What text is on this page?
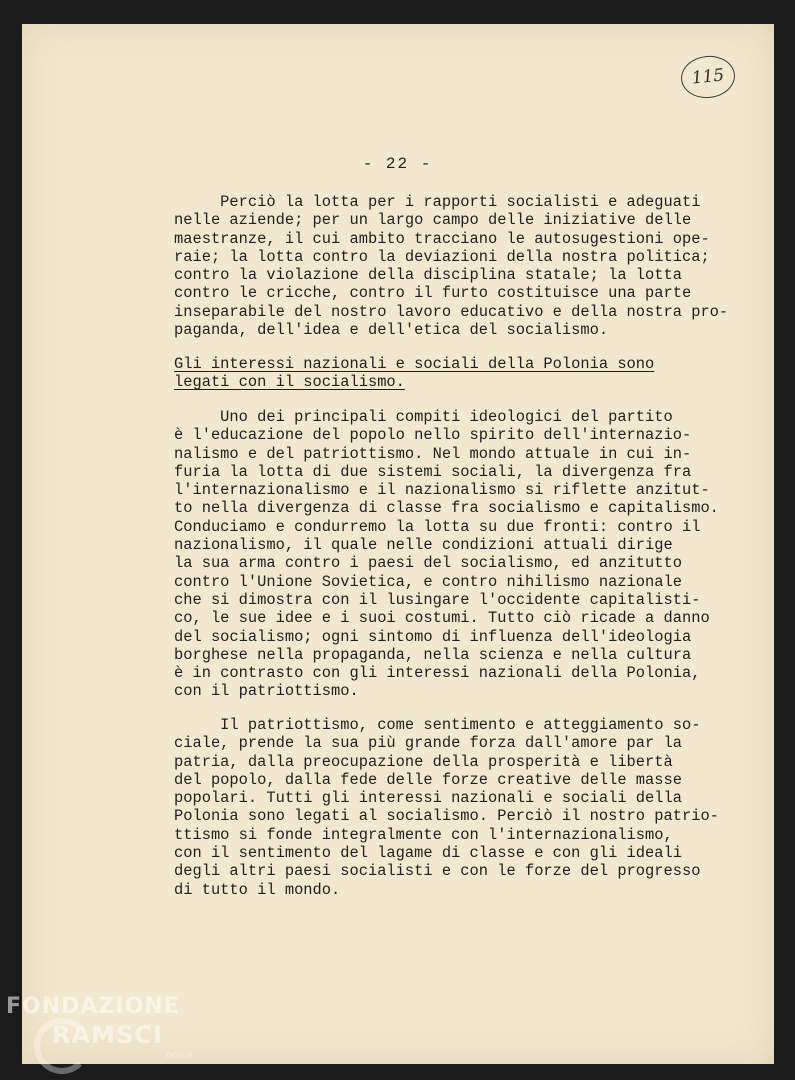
115
- 22 -

Perciò la lotta per i rapporti socialisti e adeguati
nelle aziende; per un largo campo delle iniziative delle
maestranze, il cui ambito tracciano le autosugestioni ope-
raie; la lotta contro la deviazioni della nostra politica;
contro la violazione della disciplina statale; la lotta
contro le cricche, contro il furto costituisce una parte
inseparabile del nostro lavoro educativo e della nostra pro-
paganda, dell'idea e dell'etica del socialismo.

Gli interessi nazionali e sociali della Polonia sono
legati con il socialismo.

Uno dei principali compiti ideologici del partito
è l'educazione del popolo nello spirito dell'internazio-
nalismo e del patriottismo. Nel mondo attuale in cui in-
furia la lotta di due sistemi sociali, la divergenza fra
l'internazionalismo e il nazionalismo si riflette anzitut-
to nella divergenza di classe fra socialismo e capitalismo.
Conduciamo e condurremo la lotta su due fronti: contro il
nazionalismo, il quale nelle condizioni attuali dirige
la sua arma contro i paesi del socialismo, ed anzitutto
contro l'Unione Sovietica, e contro nihilismo nazionale
che si dimostra con il lusingare l'occidente capitalisti-
co, le sue idee e i suoi costumi. Tutto ciò ricade a danno
del socialismo; ogni sintomo di influenza dell'ideologia
borghese nella propaganda, nella scienza e nella cultura
è in contrasto con gli interessi nazionali della Polonia,
con il patriottismo.

Il patriottismo, come sentimento e atteggiamento so-
ciale, prende la sua più grande forza dall'amore par la
patria, dalla preocupazione della prosperità e libertà
del popolo, dalla fede delle forze creative delle masse
popolari. Tutti gli interessi nazionali e sociali della
Polonia sono legati al socialismo. Perciò il nostro patrio-
ttismo si fonde integralmente con l'internazionalismo,
con il sentimento del lagame di classe e con gli ideali
degli altri paesi socialisti e con le forze del progresso
di tutto il mondo.

FONDAZIONE
RAMSCI
onlus
